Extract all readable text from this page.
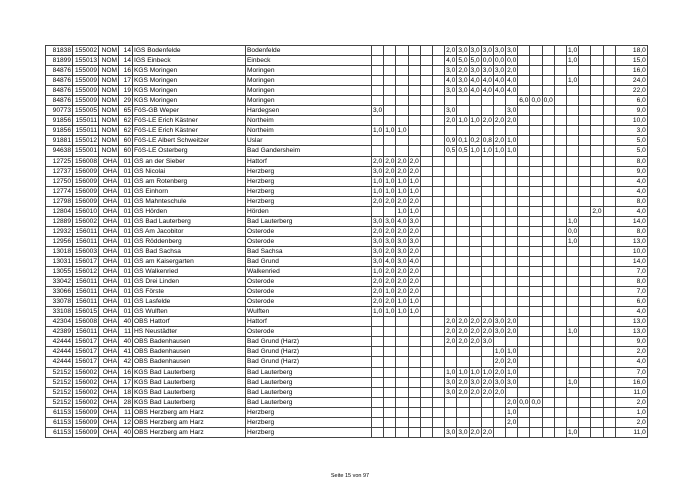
81838	155002	NOM	14	IGS Bodenfelde	Bodenfelde							2,0	3,0	3,0	3,0	3,0	3,0					1,0				18,0
81899	155013	NOM	14	IGS Einbeck	Einbeck							4,0	5,0	5,0	0,0	0,0	0,0					1,0				15,0
84876	155009	NOM	16	KGS Moringen	Moringen							3,0	2,0	3,0	3,0	3,0	2,0									16,0
84876	155009	NOM	17	KGS Moringen	Moringen							4,0	3,0	4,0	4,0	4,0	4,0					1,0				24,0
84876	155009	NOM	19	KGS Moringen	Moringen							3,0	3,0	4,0	4,0	4,0	4,0									22,0
84876	155009	NOM	29	KGS Moringen	Moringen													6,0	0,0	0,0						6,0
90773	155005	NOM	65	FöS-GB Weper	Hardegsen	3,0						3,0					3,0									9,0
91856	155011	NOM	62	FöS-LE Erich Kästner	Northeim							2,0	1,0	1,0	2,0	2,0	2,0									10,0
91856	155011	NOM	62	FöS-LE Erich Kästner	Northeim	1,0	1,0	1,0																		3,0
91881	155012	NOM	60	FöS-LE Albert Schweitzer	Uslar							0,9	0,1	0,2	0,8	2,0	1,0									5,0
94638	155001	NOM	60	FöS-LE Osterberg	Bad Gandersheim							0,5	0,5	1,0	1,0	1,0	1,0									5,0
12725	156008	OHA	01	GS an der Sieber	Hattorf	2,0	2,0	2,0	2,0																	8,0
12737	156009	OHA	01	GS Nicolai	Herzberg	3,0	2,0	2,0	2,0																	9,0
12750	156009	OHA	01	GS am Rotenberg	Herzberg	1,0	1,0	1,0	1,0																	4,0
12774	156009	OHA	01	GS Einhorn	Herzberg	1,0	1,0	1,0	1,0																	4,0
12798	156009	OHA	01	GS Mahnteschule	Herzberg	2,0	2,0	2,0	2,0																	8,0
12804	156010	OHA	01	GS Hörden	Hörden			1,0	1,0															2,0		4,0
12889	156002	OHA	01	GS Bad Lauterberg	Bad Lauterberg	3,0	3,0	4,0	3,0													1,0				14,0
12932	156011	OHA	01	GS Am Jacobitor	Osterode	2,0	2,0	2,0	2,0													0,0				8,0
12956	156011	OHA	01	GS Röddenberg	Osterode	3,0	3,0	3,0	3,0													1,0				13,0
13018	156003	OHA	01	GS Bad Sachsa	Bad Sachsa	3,0	2,0	3,0	2,0																	10,0
13031	156017	OHA	01	GS am Kaisergarten	Bad Grund	3,0	4,0	3,0	4,0																	14,0
13055	156012	OHA	01	GS Walkenried	Walkenried	1,0	2,0	2,0	2,0																	7,0
33042	156011	OHA	01	GS Drei Linden	Osterode	2,0	2,0	2,0	2,0																	8,0
33066	156011	OHA	01	GS Förste	Osterode	2,0	1,0	2,0	2,0																	7,0
33078	156011	OHA	01	GS Lasfelde	Osterode	2,0	2,0	1,0	1,0																	6,0
33108	156015	OHA	01	GS Wulften	Wulften	1,0	1,0	1,0	1,0																	4,0
42304	156008	OHA	40	OBS Hattorf	Hattorf							2,0	2,0	2,0	2,0	3,0	2,0									13,0
42389	156011	OHA	11	HS Neustädter	Osterode							2,0	2,0	2,0	2,0	3,0	2,0					1,0				13,0
42444	156017	OHA	40	OBS Badenhausen	Bad Grund (Harz)							2,0	2,0	2,0	3,0											9,0
42444	156017	OHA	41	OBS Badenhausen	Bad Grund (Harz)											1,0	1,0									2,0
42444	156017	OHA	42	OBS Badenhausen	Bad Grund (Harz)											2,0	2,0									4,0
52152	156002	OHA	16	KGS Bad Lauterberg	Bad Lauterberg							1,0	1,0	1,0	1,0	2,0	1,0									7,0
52152	156002	OHA	17	KGS Bad Lauterberg	Bad Lauterberg							3,0	2,0	3,0	2,0	3,0	3,0					1,0				16,0
52152	156002	OHA	18	KGS Bad Lauterberg	Bad Lauterberg							3,0	2,0	2,0	2,0	2,0										11,0
52152	156002	OHA	28	KGS Bad Lauterberg	Bad Lauterberg												2,0	0,0	0,0							2,0
61153	156009	OHA	11	OBS Herzberg am Harz	Herzberg												1,0									1,0
61153	156009	OHA	12	OBS Herzberg am Harz	Herzberg												2,0									2,0
61153	156009	OHA	40	OBS Herzberg am Harz	Herzberg							3,0	3,0	2,0	2,0							1,0				11,0
Seite 15 von 97
